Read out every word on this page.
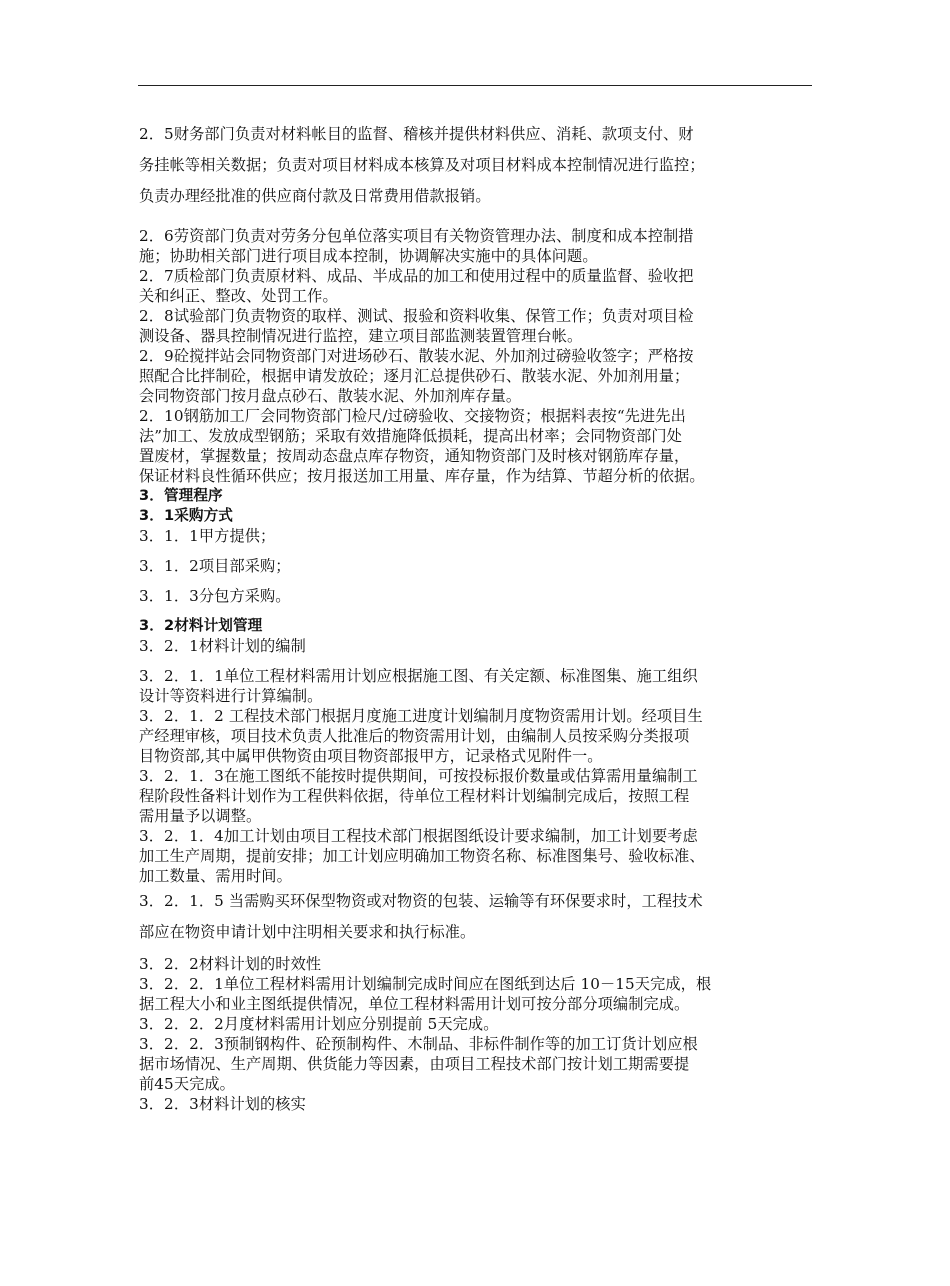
2．5财务部门负责对材料帐目的监督、稽核并提供材料供应、消耗、款项支付、财

务挂帐等相关数据；负责对项目材料成本核算及对项目材料成本控制情况进行监控；

负责办理经批准的供应商付款及日常费用借款报销。

2．6劳资部门负责对劳务分包单位落实项目有关物资管理办法、制度和成本控制措

施；协助相关部门进行项目成本控制，协调解决实施中的具体问题。

2．7质检部门负责原材料、成品、半成品的加工和使用过程中的质量监督、验收把

关和纠正、整改、处罚工作。

2．8试验部门负责物资的取样、测试、报验和资料收集、保管工作；负责对项目检

测设备、器具控制情况进行监控，建立项目部监测装置管理台帐。

2．9砼搅拌站会同物资部门对进场砂石、散装水泥、外加剂过磅验收签字；严格按

照配合比拌制砼，根据申请发放砼；逐月汇总提供砂石、散装水泥、外加剂用量；

会同物资部门按月盘点砂石、散装水泥、外加剂库存量。

2．10钢筋加工厂会同物资部门检尺/过磅验收、交接物资；根据料表按“先进先出

法”加工、发放成型钢筋；采取有效措施降低损耗，提高出材率；会同物资部门处

置废材，掌握数量；按周动态盘点库存物资，通知物资部门及时核对钢筋库存量，

保证材料良性循环供应；按月报送加工用量、库存量，作为结算、节超分析的依据。

3．管理程序

3．1采购方式

3．1．1甲方提供；

3．1．2项目部采购；

3．1．3分包方采购。

3．2材料计划管理

3．2．1材料计划的编制

3．2．1．1单位工程材料需用计划应根据施工图、有关定额、标准图集、施工组织

设计等资料进行计算编制。

3．2．1．2 工程技术部门根据月度施工进度计划编制月度物资需用计划。经项目生

产经理审核，项目技术负责人批准后的物资需用计划，由编制人员按采购分类报项

目物资部,其中属甲供物资由项目物资部报甲方，记录格式见附件一。

3．2．1．3在施工图纸不能按时提供期间，可按投标报价数量或估算需用量编制工

程阶段性备料计划作为工程供料依据，待单位工程材料计划编制完成后，按照工程

需用量予以调整。

3．2．1．4加工计划由项目工程技术部门根据图纸设计要求编制，加工计划要考虑

加工生产周期，提前安排；加工计划应明确加工物资名称、标准图集号、验收标准、

加工数量、需用时间。

3．2．1．5 当需购买环保型物资或对物资的包装、运输等有环保要求时，工程技术

部应在物资申请计划中注明相关要求和执行标准。

3．2．2材料计划的时效性

3．2．2．1单位工程材料需用计划编制完成时间应在图纸到达后 10－15天完成，根

据工程大小和业主图纸提供情况，单位工程材料需用计划可按分部分项编制完成。

3．2．2．2月度材料需用计划应分别提前 5天完成。

3．2．2．3预制钢构件、砼预制构件、木制品、非标件制作等的加工订货计划应根

据市场情况、生产周期、供货能力等因素，由项目工程技术部门按计划工期需要提

前45天完成。

3．2．3材料计划的核实
